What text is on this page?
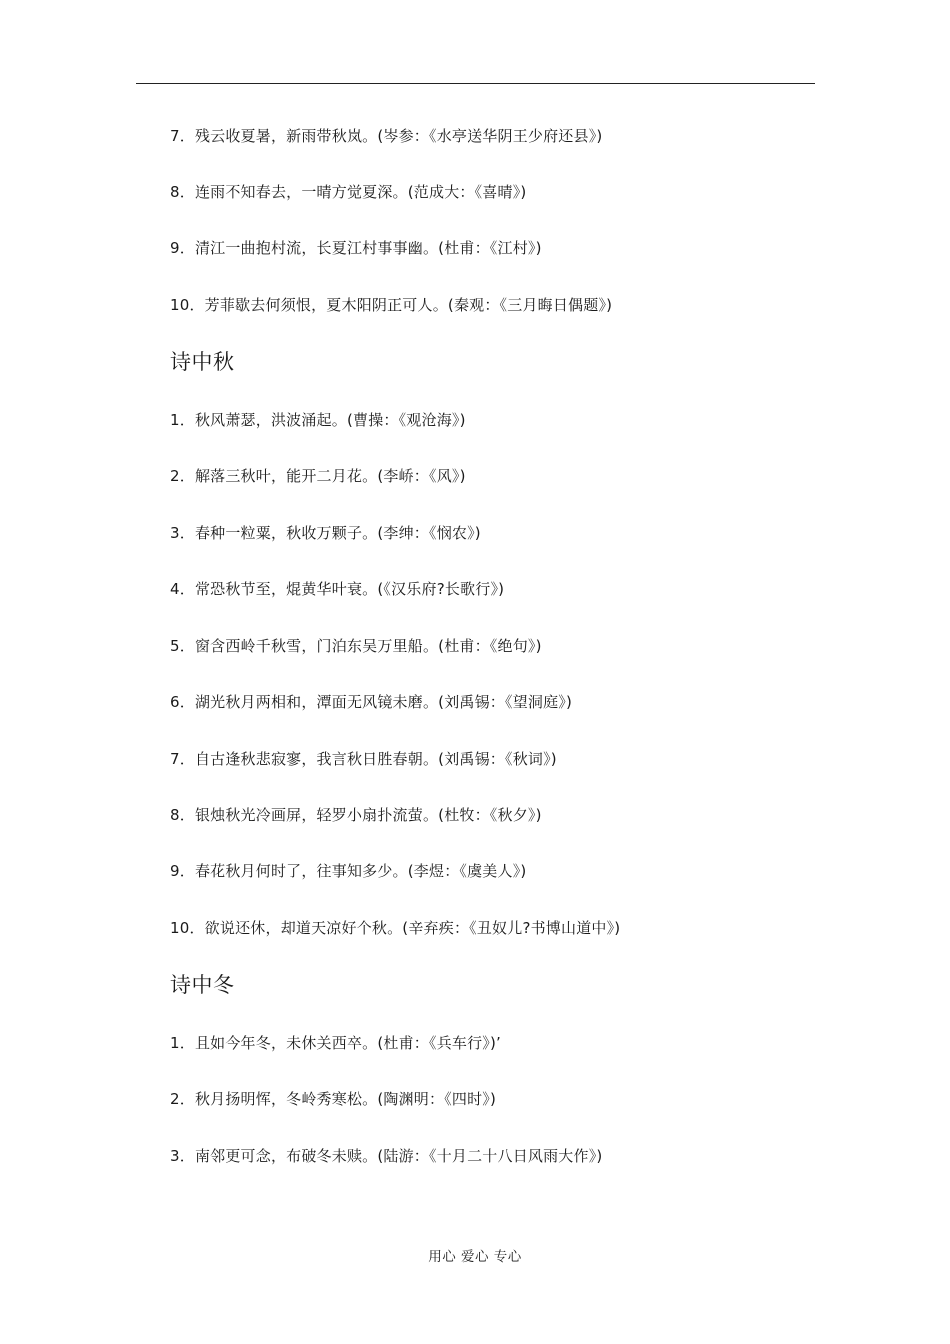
7．残云收夏暑，新雨带秋岚。(岑参：《水亭送华阴王少府还县》)
8．连雨不知春去，一晴方觉夏深。(范成大：《喜晴》)
9．清江一曲抱村流，长夏江村事事幽。(杜甫：《江村》)
10．芳菲歇去何须恨，夏木阳阴正可人。(秦观：《三月晦日偶题》)
诗中秋
1．秋风萧瑟，洪波涌起。(曹操：《观沧海》)
2．解落三秋叶，能开二月花。(李峤：《风》)
3．春种一粒粟，秋收万颗子。(李绅：《悯农》)
4．常恐秋节至，焜黄华叶衰。(《汉乐府?长歌行》)
5．窗含西岭千秋雪，门泊东吴万里船。(杜甫：《绝句》)
6．湖光秋月两相和，潭面无风镜未磨。(刘禹锡：《望洞庭》)
7．自古逢秋悲寂寥，我言秋日胜春朝。(刘禹锡：《秋词》)
8．银烛秋光冷画屏，轻罗小扇扑流萤。(杜牧：《秋夕》)
9．春花秋月何时了，往事知多少。(李煜：《虞美人》)
10．欲说还休，却道天凉好个秋。(辛弃疾：《丑奴儿?书博山道中》)
诗中冬
1．且如今年冬，未休关西卒。(杜甫：《兵车行》)’
2．秋月扬明恽，冬岭秀寒松。(陶渊明：《四时》)
3．南邻更可念，布破冬未赎。(陆游：《十月二十八日风雨大作》)
用心 爱心 专心
